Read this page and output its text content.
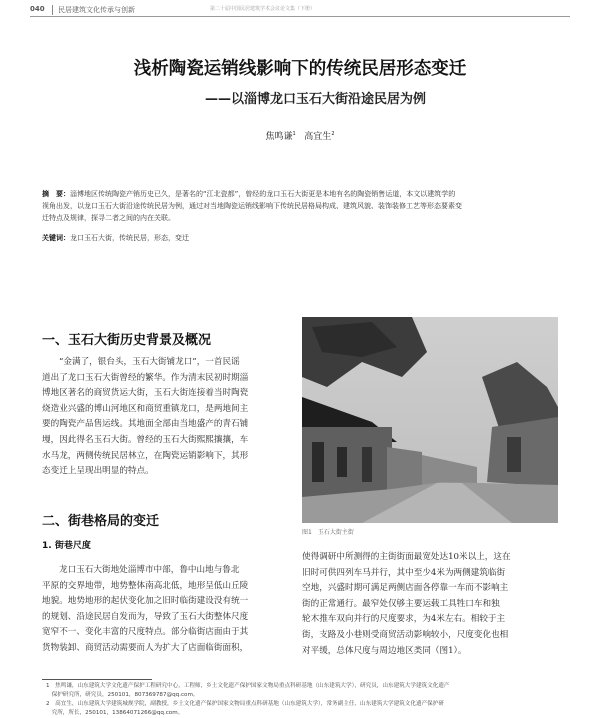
040	民居建筑文化传承与创新	第二十届中国民居建筑学术会议论文集（下册）
浅析陶瓷运销线影响下的传统民居形态变迁
——以淄博龙口玉石大街沿途民居为例
焦鸣谦$^1$ 高宜生$^2$
摘　要：淄博地区传统陶瓷产销历史已久，是著名的“江北瓷都”，曾经的龙口玉石大街更是本地有名的陶瓷销售运道，本文以建筑学的
视角出发，以龙口玉石大街沿途传统民居为例，通过对当地陶瓷运销线影响下传统民居格局构成、建筑风貌、装饰装修工艺等形态要素变
迁特点及规律，探寻二者之间的内在关联。
关键词：龙口玉石大街，传统民居，形态，变迁
一、玉石大街历史背景及概况
“金满了，银台头，玉石大街铺龙口”，一首民谣
道出了龙口玉石大街曾经的繁华。作为清末民初时期淄
博地区著名的商贸货运大街，玉石大街连接着当时陶瓷
烧造业兴盛的博山河地区和商贸重镇龙口，是两地间主
要的陶瓷产品售运线。其地面全部由当地盛产的青石铺
墁，因此得名玉石大街。曾经的玉石大街熙熙攘攘，车
水马龙，两侧传统民居林立，在陶瓷运销影响下，其形
态变迁上呈现出明显的特点。
图1　玉石大街主街
二、街巷格局的变迁
1. 街巷尺度
龙口玉石大街地处淄博市中部，鲁中山地与鲁北
平原的交界地带，地势整体南高北低，地形呈低山丘陵
地貌。地势地形的起伏变化加之旧时临街建设没有统一
的规划、沿途民居自发而为，导致了玉石大街整体尺度
宽窄不一、变化丰富的尺度特点。部分临街店面由于其
货物装卸、商贸活动需要而人为扩大了店面临街面积，
使得调研中所测得的主街街面最宽处达10米以上，这在
旧时可供四列车马并行，其中至少4米为两侧建筑临街
空地，兴盛时期可满足两侧店面各停靠一车而不影响主
街的正常通行。最窄处仅够主要运载工具牲口车和独
轮木推车双向并行的尺度要求，为4米左右。相较于主
街，支路及小巷则受商贸活动影响较小，尺度变化也相
对平缓，总体尺度与周边地区类同（图1）。
1　焦鸣谦，山东建筑大学文化遗产保护工程研究中心，工程师，乡土文化遗产保护国家文物局重点科研基地（山东建筑大学），研究员，山东建筑大学建筑文化遗产
　保护研究所，研究员，250101，807369787@qq.com。
2　高宜生，山东建筑大学建筑城规学院，副教授，乡土文化遗产保护国家文物局重点科研基地（山东建筑大学），常务副主任，山东建筑大学建筑文化遗产保护研
　究所，所长，250101，13864071266@qq.com。
